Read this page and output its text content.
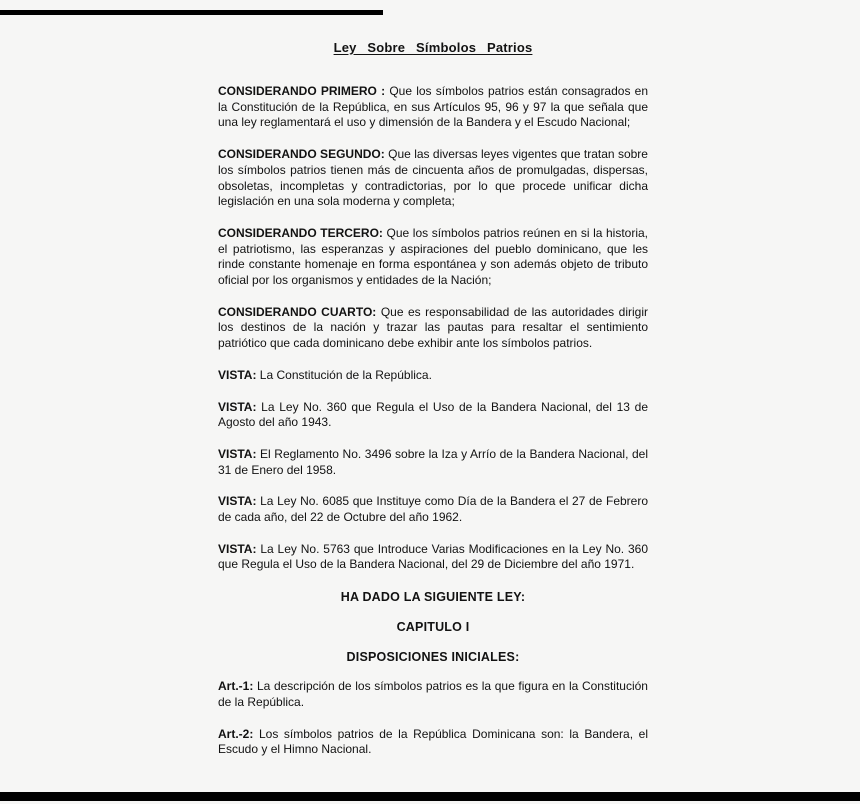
Ley Sobre Símbolos Patrios

CONSIDERANDO PRIMERO : Que los símbolos patrios están consagrados en la Constitución de la República, en sus Artículos 95, 96 y 97 la que señala que una ley reglamentará el uso y dimensión de la Bandera y el Escudo Nacional;

CONSIDERANDO SEGUNDO: Que las diversas leyes vigentes que tratan sobre los símbolos patrios tienen más de cincuenta años de promulgadas, dispersas, obsoletas, incompletas y contradictorias, por lo que procede unificar dicha legislación en una sola moderna y completa;

CONSIDERANDO TERCERO: Que los símbolos patrios reúnen en si la historia, el patriotismo, las esperanzas y aspiraciones del pueblo dominicano, que les rinde constante homenaje en forma espontánea y son además objeto de tributo oficial por los organismos y entidades de la Nación;

CONSIDERANDO CUARTO: Que es responsabilidad de las autoridades dirigir los destinos de la nación y trazar las pautas para resaltar el sentimiento patriótico que cada dominicano debe exhibir ante los símbolos patrios.

VISTA: La Constitución de la República.

VISTA: La Ley No. 360 que Regula el Uso de la Bandera Nacional, del 13 de Agosto del año 1943.

VISTA: El Reglamento No. 3496 sobre la Iza y Arrío de la Bandera Nacional, del 31 de Enero del 1958.

VISTA: La Ley No. 6085 que Instituye como Día de la Bandera el 27 de Febrero de cada año, del 22 de Octubre del año 1962.

VISTA: La Ley No. 5763 que Introduce Varias Modificaciones en la Ley No. 360 que Regula el Uso de la Bandera Nacional, del 29 de Diciembre del año 1971.

HA DADO LA SIGUIENTE LEY:
CAPITULO I
DISPOSICIONES INICIALES:

Art.-1: La descripción de los símbolos patrios es la que figura en la Constitución de la República.

Art.-2: Los símbolos patrios de la República Dominicana son: la Bandera, el Escudo y el Himno Nacional.
